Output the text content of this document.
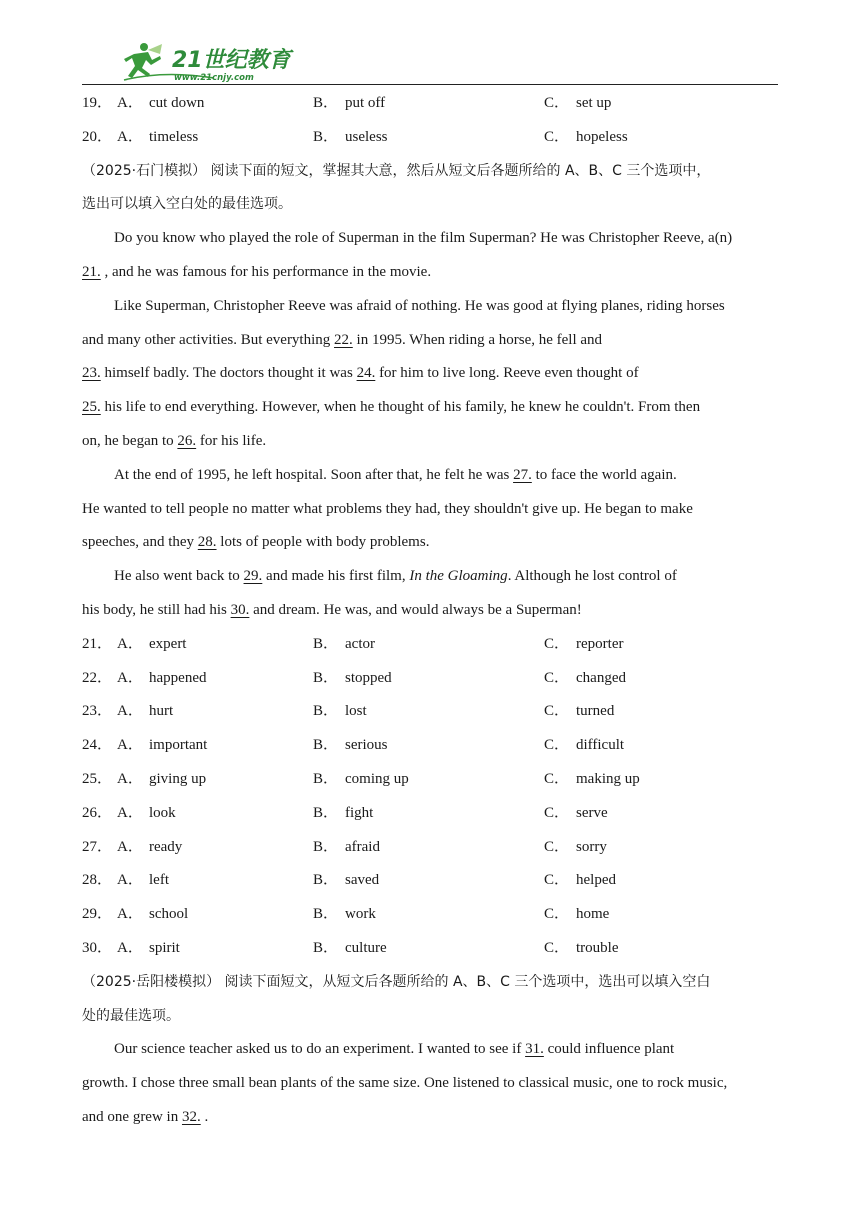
21世纪教育
www.21cnjy.com
19． A． cut down	B． put off	C． set up
20． A． timeless	B． useless	C． hopeless
（2025·石门模拟） 阅读下面的短文，掌握其大意，然后从短文后各题所给的 A、B、C 三个选项中，
选出可以填入空白处的最佳选项。
Do you know who played the role of Superman in the film Superman? He was Christopher Reeve, a(n)
21. , and he was famous for his performance in the movie.
Like Superman, Christopher Reeve was afraid of nothing. He was good at flying planes, riding horses
and many other activities. But everything 22. in 1995. When riding a horse, he fell and
23. himself badly. The doctors thought it was 24. for him to live long. Reeve even thought of
25. his life to end everything. However, when he thought of his family, he knew he couldn't. From then
on, he began to 26. for his life.
At the end of 1995, he left hospital. Soon after that, he felt he was 27. to face the world again.
He wanted to tell people no matter what problems they had, they shouldn't give up. He began to make
speeches, and they 28. lots of people with body problems.
He also went back to 29. and made his first film, In the Gloaming. Although he lost control of
his body, he still had his 30. and dream. He was, and would always be a Superman!
21． A． expert	B． actor	C． reporter
22． A． happened	B． stopped	C． changed
23． A． hurt	B． lost	C． turned
24． A． important	B． serious	C． difficult
25． A． giving up	B． coming up	C． making up
26． A． look	B． fight	C． serve
27． A． ready	B． afraid	C． sorry
28． A． left	B． saved	C． helped
29． A． school	B． work	C． home
30． A． spirit	B． culture	C． trouble
（2025·岳阳楼模拟） 阅读下面短文，从短文后各题所给的 A、B、C 三个选项中，选出可以填入空白
处的最佳选项。
Our science teacher asked us to do an experiment. I wanted to see if 31. could influence plant
growth. I chose three small bean plants of the same size. One listened to classical music, one to rock music,
and one grew in 32. .
